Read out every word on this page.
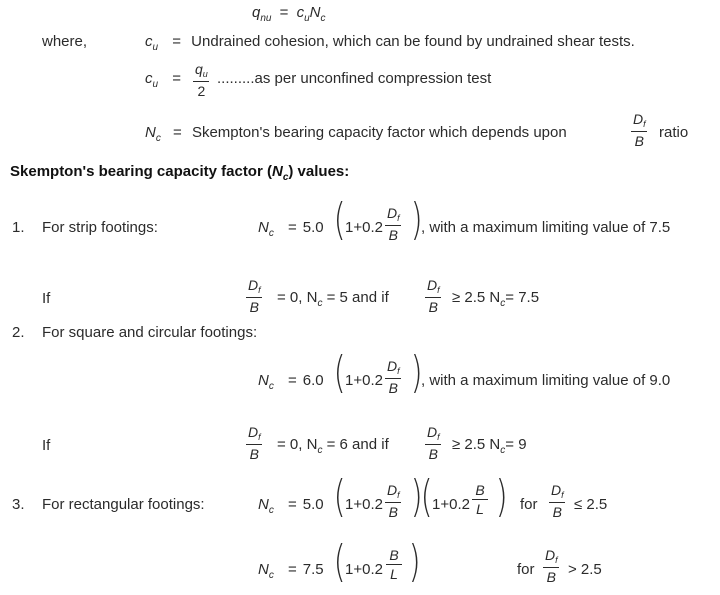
$q_{nu} = c_uN_c$
where,	$c_u$ = Undrained cohesion, which can be found by undrained shear tests.
$c_u = \frac{q_u}{2} .........as$ per unconfined compression test
$N_c$ = Skempton's bearing capacity factor which depends upon	$\frac{D_f}{B}$ ratio
Skempton's bearing capacity factor $(N_c)$ values:
1. For strip footings:	$N_c = 5.0$ ( $1+0.2 \frac{D_f}{B}$ )
, with a maximum limiting value of 7.5
If	$\frac{D_f}{B} = 0$, $N_c = 5$ and if	$\frac{D_f}{B} \ge 2.5$ $N_c= 7.5$
2. For square and circular footings:
$N_c = 6.0$ ( $1+0.2 \frac{D_f}{B}$ )
, with a maximum limiting value of 9.0
If	$\frac{D_f}{B} = 0$, $N_c = 6$ and if	$\frac{D_f}{B} \ge 2.5$ $N_c= 9$
3. For rectangular footings:	$N_c = 5.0$ ( $1+0.2 \frac{D_f}{B}$ )
( $1+0.2 \frac{B}{L}$ ) for $\frac{D_f}{B} \le 2.5$
$N_c = 7.5$ ( $1+0.2 \frac{B}{L}$ )	for $\frac{D_f}{B} > 2.5$
